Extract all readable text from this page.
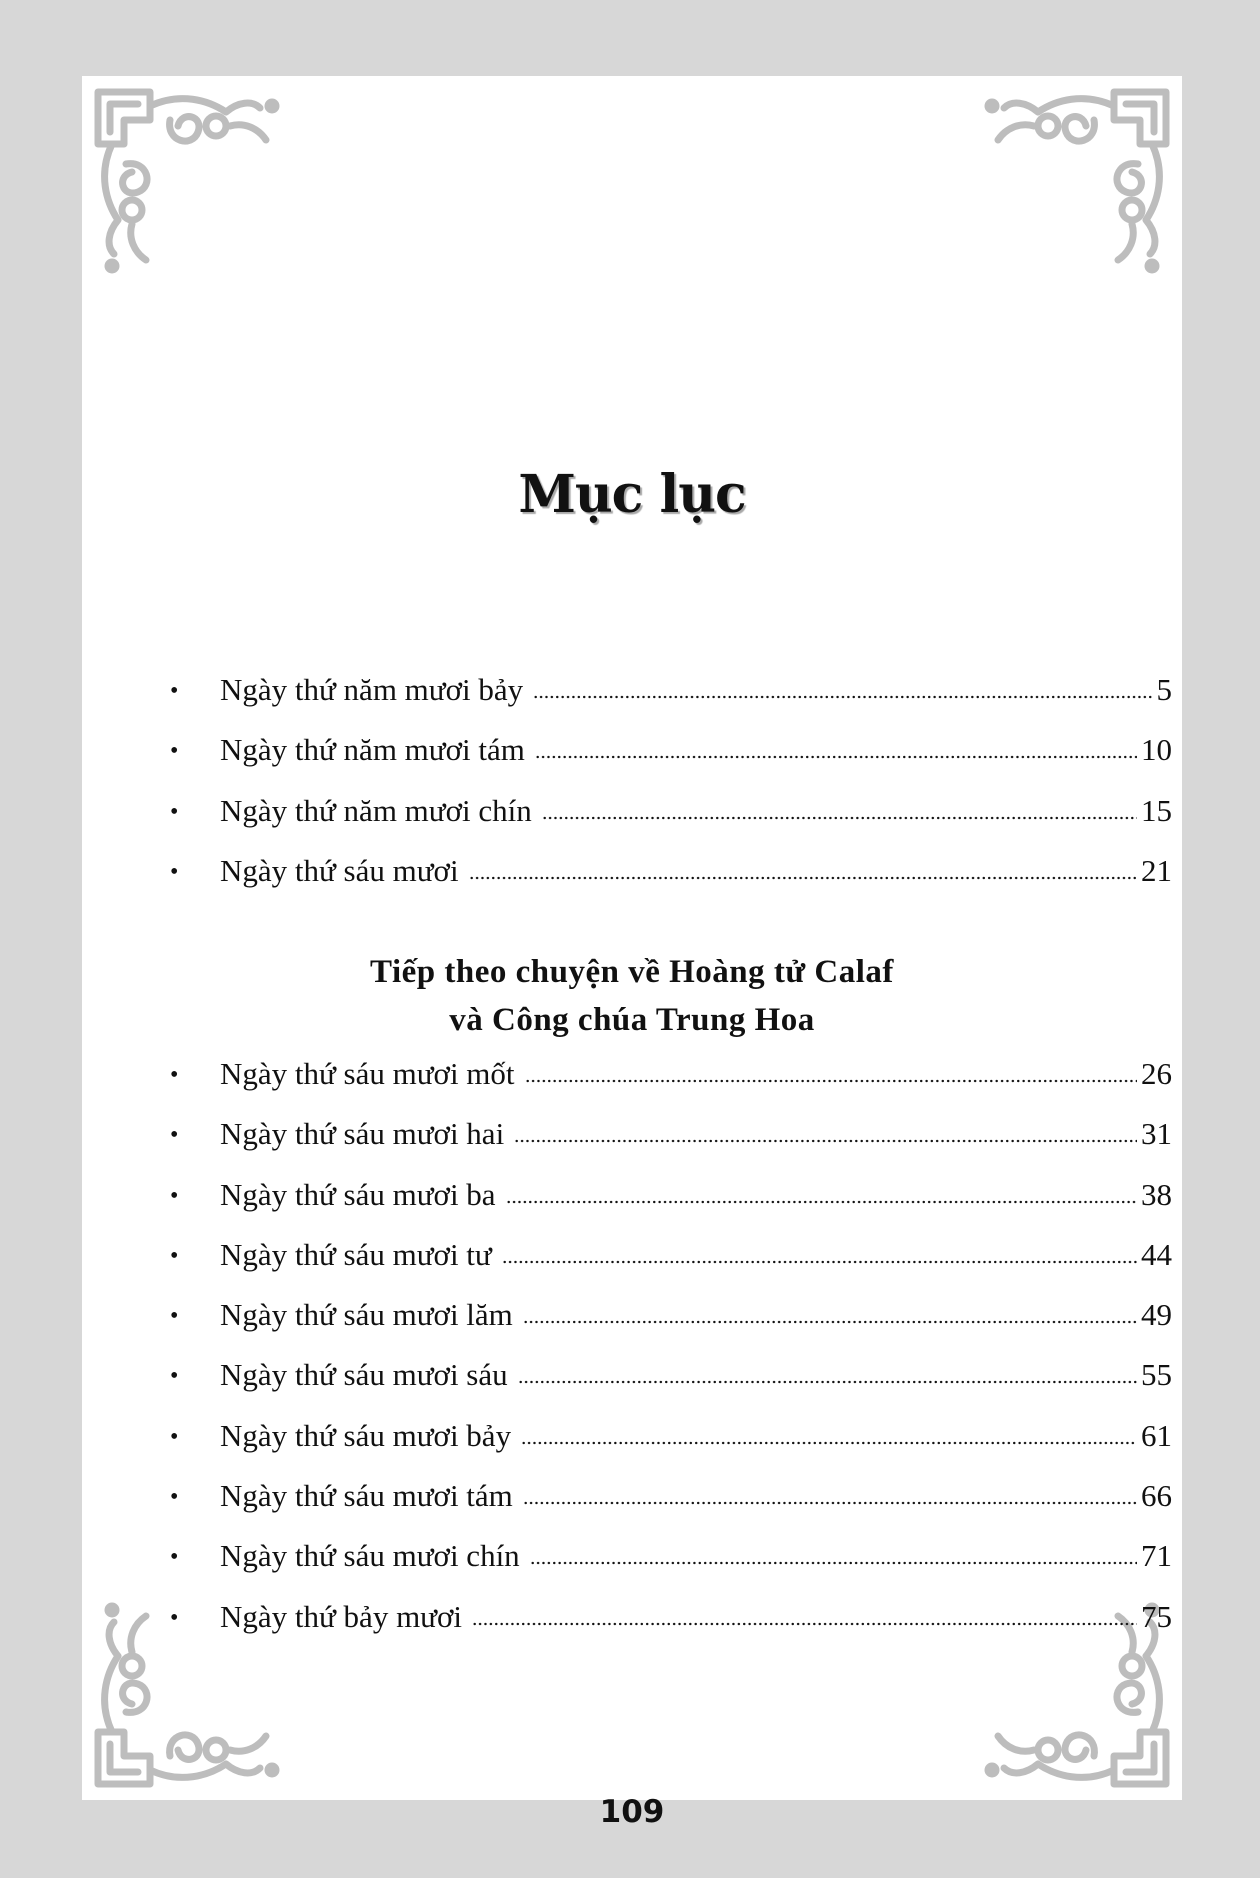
Mục lục
•	Ngày thứ năm mươi bảy	5
•	Ngày thứ năm mươi tám	10
•	Ngày thứ năm mươi chín	15
•	Ngày thứ sáu mươi	21
Tiếp theo chuyện về Hoàng tử Calaf
và Công chúa Trung Hoa
•	Ngày thứ sáu mươi mốt	26
•	Ngày thứ sáu mươi hai	31
•	Ngày thứ sáu mươi ba	38
•	Ngày thứ sáu mươi tư	44
•	Ngày thứ sáu mươi lăm	49
•	Ngày thứ sáu mươi sáu	55
•	Ngày thứ sáu mươi bảy	61
•	Ngày thứ sáu mươi tám	66
•	Ngày thứ sáu mươi chín	71
•	Ngày thứ bảy mươi	75
109
